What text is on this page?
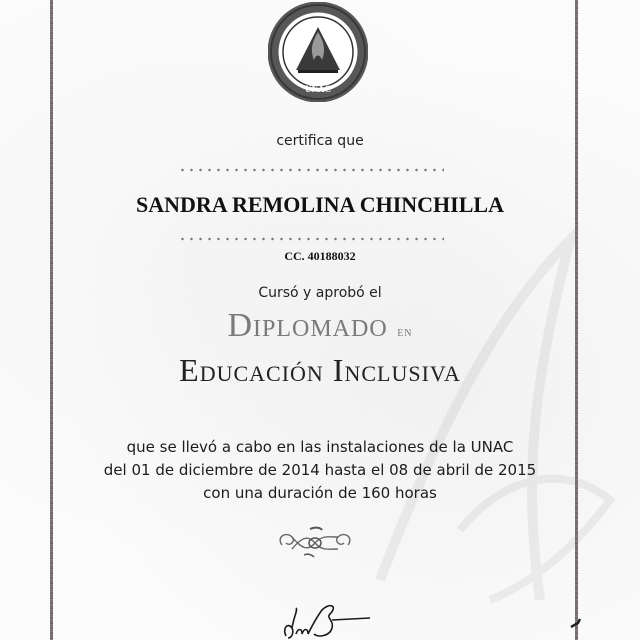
UNAC
certifica que
SANDRA REMOLINA CHINCHILLA
CC. 40188032
Cursó y aprobó el
Diplomado en
Educación Inclusiva
que se llevó a cabo en las instalaciones de la UNAC
del 01 de diciembre de 2014 hasta el 08 de abril de 2015
con una duración de 160 horas
